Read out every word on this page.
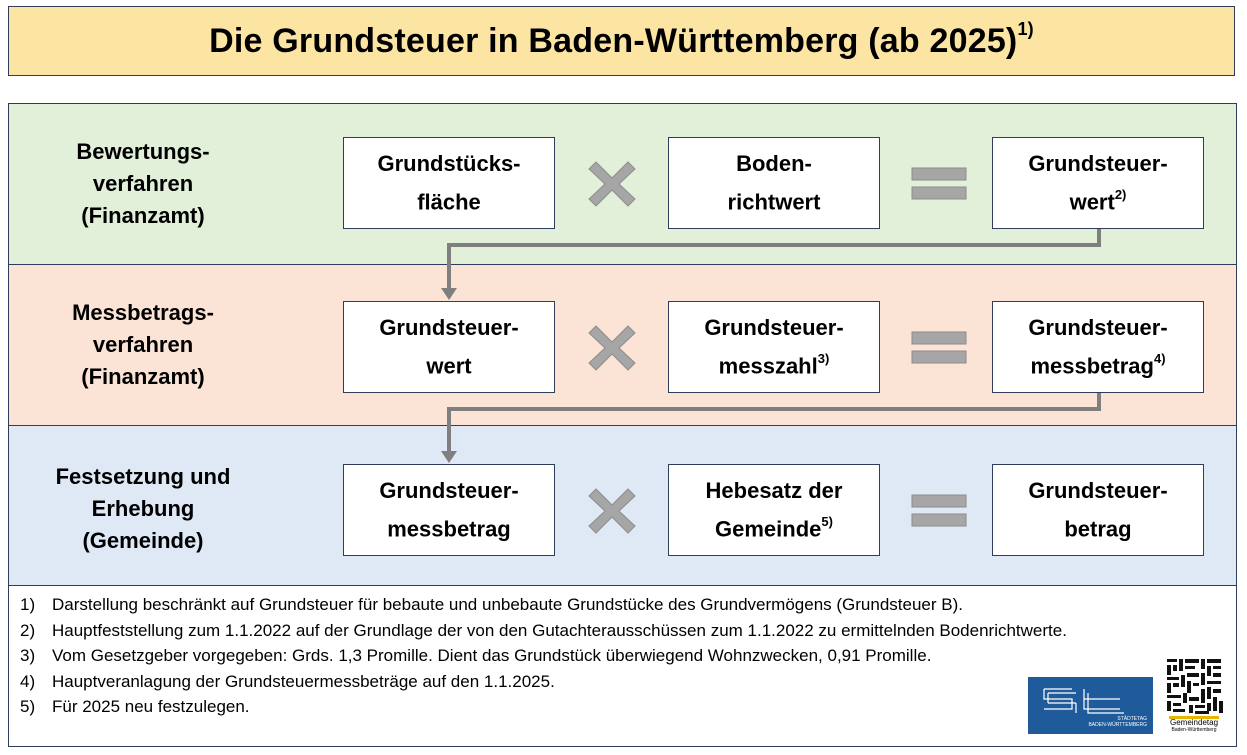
Die Grundsteuer in Baden-Württemberg (ab 2025)$^{1)}$
Bewertungs-
verfahren
(Finanzamt)
Grundstücks-
fläche
Boden-
richtwert
Grundsteuer-
wert$^{2)}$
Messbetrags-
verfahren
(Finanzamt)
Grundsteuer-
wert
Grundsteuer-
messzahl$^{3)}$
Grundsteuer-
messbetrag$^{4)}$
Festsetzung und
Erhebung
(Gemeinde)
Grundsteuer-
messbetrag
Hebesatz der
Gemeinde$^{5)}$
Grundsteuer-
betrag
1) Darstellung beschränkt auf Grundsteuer für bebaute und unbebaute Grundstücke des Grundvermögens (Grundsteuer B).
2) Hauptfeststellung zum 1.1.2022 auf der Grundlage der von den Gutachterausschüssen zum 1.1.2022 zu ermittelnden Bodenrichtwerte.
3) Vom Gesetzgeber vorgegeben: Grds. 1,3 Promille. Dient das Grundstück überwiegend Wohnzwecken, 0,91 Promille.
4) Hauptveranlagung der Grundsteuermessbeträge auf den 1.1.2025.
5) Für 2025 neu festzulegen.
STÄDTETAG
BADEN-WÜRTTEMBERG	Gemeindetag
Baden-Württemberg
